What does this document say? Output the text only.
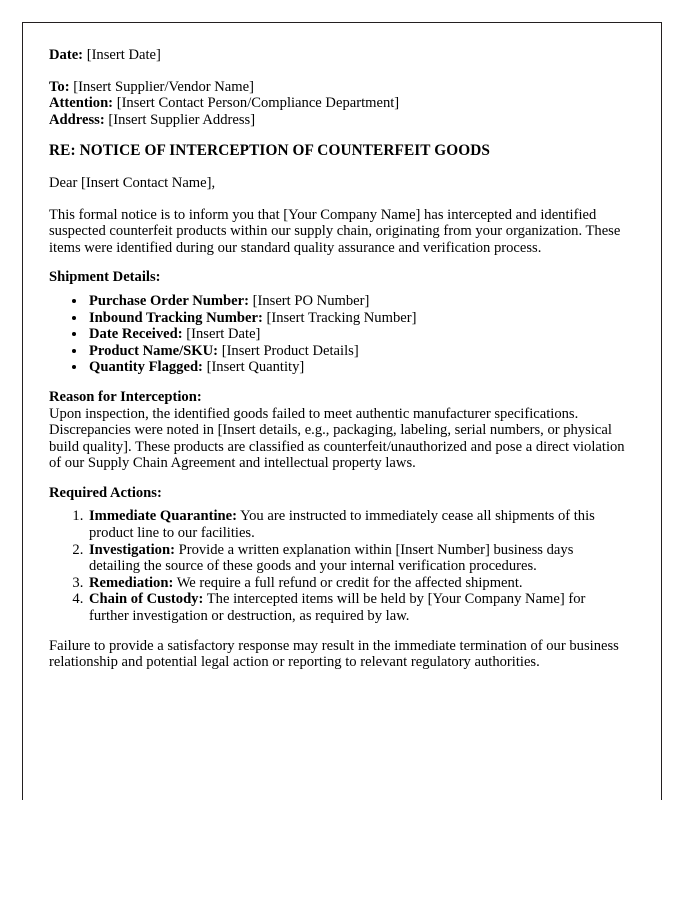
Date: [Insert Date]

To: [Insert Supplier/Vendor Name]

Attention: [Insert Contact Person/Compliance Department]

Address: [Insert Supplier Address]

RE: NOTICE OF INTERCEPTION OF COUNTERFEIT GOODS

Dear [Insert Contact Name],

This formal notice is to inform you that [Your Company Name] has intercepted and identified suspected counterfeit products within our supply chain, originating from your organization. These items were identified during our standard quality assurance and verification process.

Shipment Details:

• Purchase Order Number: [Insert PO Number]
• Inbound Tracking Number: [Insert Tracking Number]
• Date Received: [Insert Date]
• Product Name/SKU: [Insert Product Details]
• Quantity Flagged: [Insert Quantity]

Reason for Interception:

Upon inspection, the identified goods failed to meet authentic manufacturer specifications. Discrepancies were noted in [Insert details, e.g., packaging, labeling, serial numbers, or physical build quality]. These products are classified as counterfeit/unauthorized and pose a direct violation of our Supply Chain Agreement and intellectual property laws.

Required Actions:

1. Immediate Quarantine: You are instructed to immediately cease all shipments of this product line to our facilities.
2. Investigation: Provide a written explanation within [Insert Number] business days detailing the source of these goods and your internal verification procedures.
3. Remediation: We require a full refund or credit for the affected shipment.
4. Chain of Custody: The intercepted items will be held by [Your Company Name] for further investigation or destruction, as required by law.

Failure to provide a satisfactory response may result in the immediate termination of our business relationship and potential legal action or reporting to relevant regulatory authorities.
